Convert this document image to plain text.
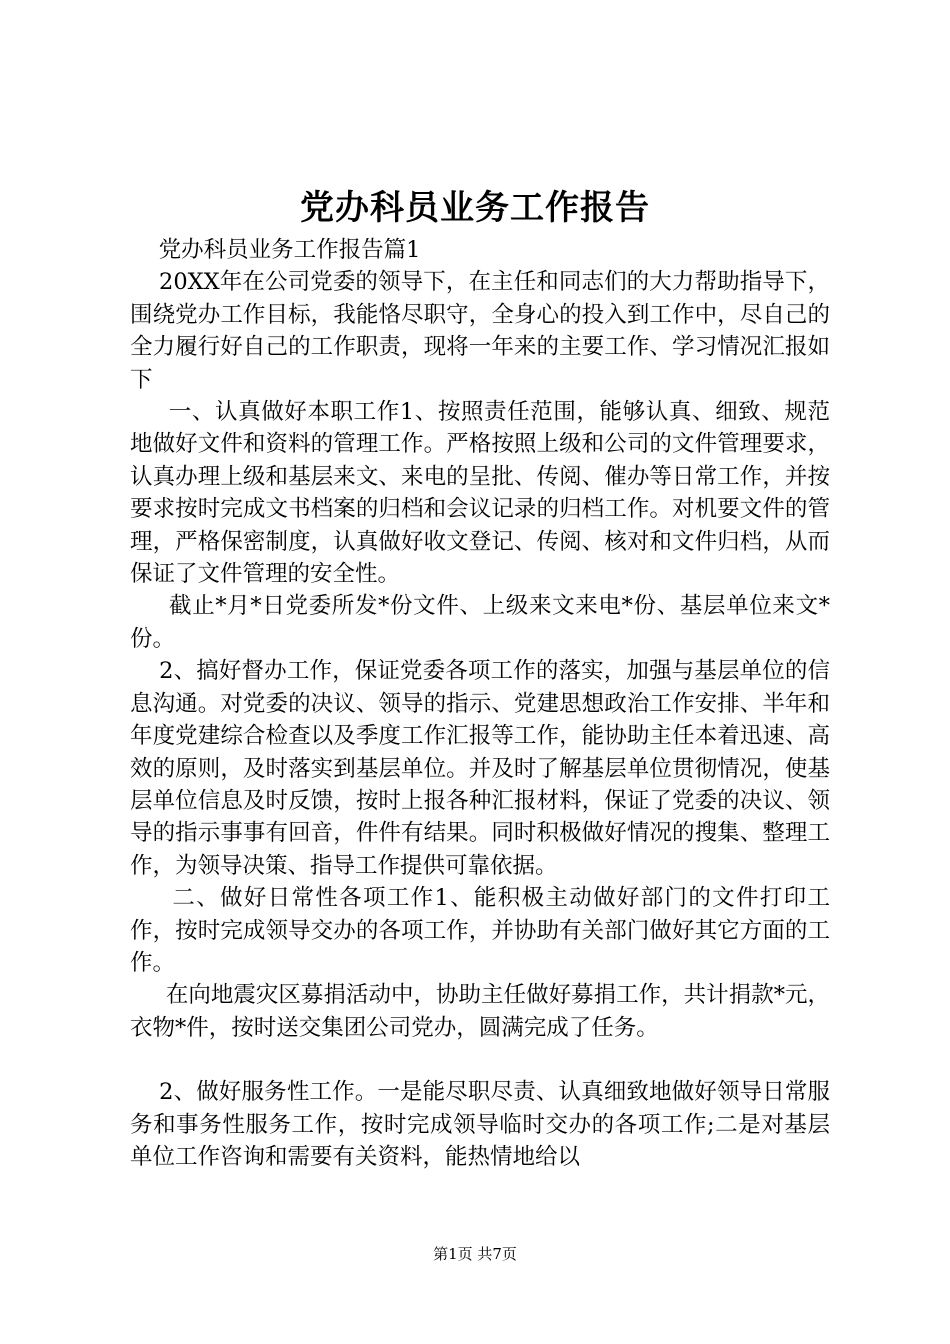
党办科员业务工作报告

党办科员业务工作报告篇1

20XX年在公司党委的领导下，在主任和同志们的大力帮助指导下，围绕党办工作目标，我能恪尽职守，全身心的投入到工作中，尽自己的全力履行好自己的工作职责，现将一年来的主要工作、学习情况汇报如下

一、认真做好本职工作1、按照责任范围，能够认真、细致、规范地做好文件和资料的管理工作。严格按照上级和公司的文件管理要求，认真办理上级和基层来文、来电的呈批、传阅、催办等日常工作，并按要求按时完成文书档案的归档和会议记录的归档工作。对机要文件的管理，严格保密制度，认真做好收文登记、传阅、核对和文件归档，从而保证了文件管理的安全性。

截止*月*日党委所发*份文件、上级来文来电*份、基层单位来文*份。

2、搞好督办工作，保证党委各项工作的落实，加强与基层单位的信息沟通。对党委的决议、领导的指示、党建思想政治工作安排、半年和年度党建综合检查以及季度工作汇报等工作，能协助主任本着迅速、高效的原则，及时落实到基层单位。并及时了解基层单位贯彻情况，使基层单位信息及时反馈，按时上报各种汇报材料，保证了党委的决议、领导的指示事事有回音，件件有结果。同时积极做好情况的搜集、整理工作，为领导决策、指导工作提供可靠依据。

二、做好日常性各项工作1、能积极主动做好部门的文件打印工作，按时完成领导交办的各项工作，并协助有关部门做好其它方面的工作。

在向地震灾区募捐活动中，协助主任做好募捐工作，共计捐款*元，衣物*件，按时送交集团公司党办，圆满完成了任务。

2、做好服务性工作。一是能尽职尽责、认真细致地做好领导日常服务和事务性服务工作，按时完成领导临时交办的各项工作;二是对基层单位工作咨询和需要有关资料，能热情地给以

第1页 共7页
